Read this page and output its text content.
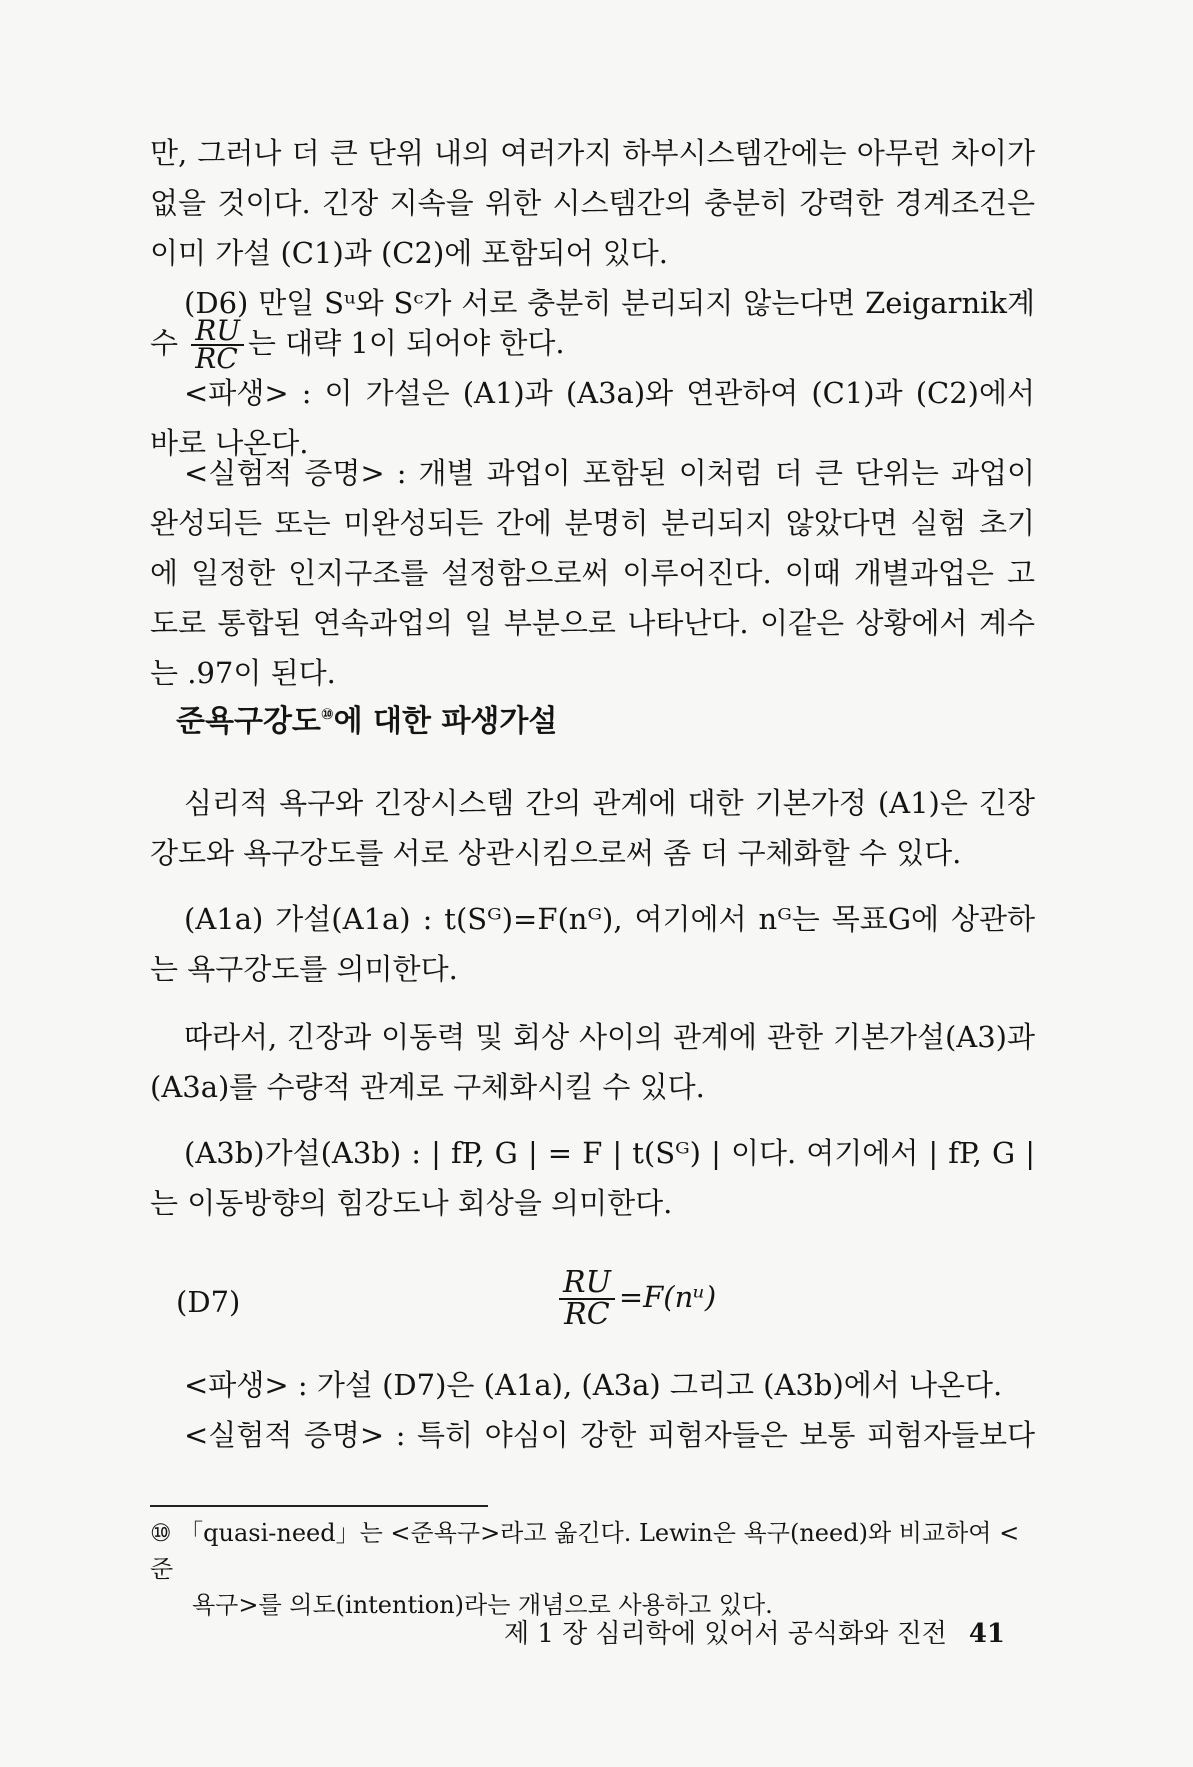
만, 그러나 더 큰 단위 내의 여러가지 하부시스템간에는 아무런 차이가 없을 것이다. 긴장 지속을 위한 시스템간의 충분히 강력한 경계조건은 이미 가설 (C1)과 (C2)에 포함되어 있다.
(D6) 만일 Sᵘ와 Sᶜ가 서로 충분히 분리되지 않는다면 Zeigarnik계
수 $\frac{RU}{RC}$ 는 대략 1이 되어야 한다.
<파생> : 이 가설은 (A1)과 (A3a)와 연관하여 (C1)과 (C2)에서 바로 나온다.
<실험적 증명> : 개별 과업이 포함된 이처럼 더 큰 단위는 과업이 완성되든 또는 미완성되든 간에 분명히 분리되지 않았다면 실험 초기에 일정한 인지구조를 설정함으로써 이루어진다. 이때 개별과업은 고도로 통합된 연속과업의 일 부분으로 나타난다. 이같은 상황에서 계수는 .97이 된다.
준욕구강도⑩에 대한 파생가설
심리적 욕구와 긴장시스템 간의 관계에 대한 기본가정 (A1)은 긴장강도와 욕구강도를 서로 상관시킴으로써 좀 더 구체화할 수 있다.
(A1a) 가설(A1a) : t(Sᴳ)=F(nᴳ), 여기에서 nᴳ는 목표G에 상관하는 욕구강도를 의미한다.
따라서, 긴장과 이동력 및 회상 사이의 관계에 관한 기본가설(A3)과 (A3a)를 수량적 관계로 구체화시킬 수 있다.
(A3b)가설(A3b) : | fP, G | = F | t(Sᴳ) | 이다. 여기에서 | fP, G |는 이동방향의 힘강도나 회상을 의미한다.
(D7)	$\frac{RU}{RC}$ =F(nᵘ)
<파생> : 가설 (D7)은 (A1a), (A3a) 그리고 (A3b)에서 나온다.
<실험적 증명> : 특히 야심이 강한 피험자들은 보통 피험자들보다
⑩ 「quasi-need」는 <준욕구>라고 옮긴다. Lewin은 욕구(need)와 비교하여 <준
욕구>를 의도(intention)라는 개념으로 사용하고 있다.
제 1 장 심리학에 있어서 공식화와 진전 41
